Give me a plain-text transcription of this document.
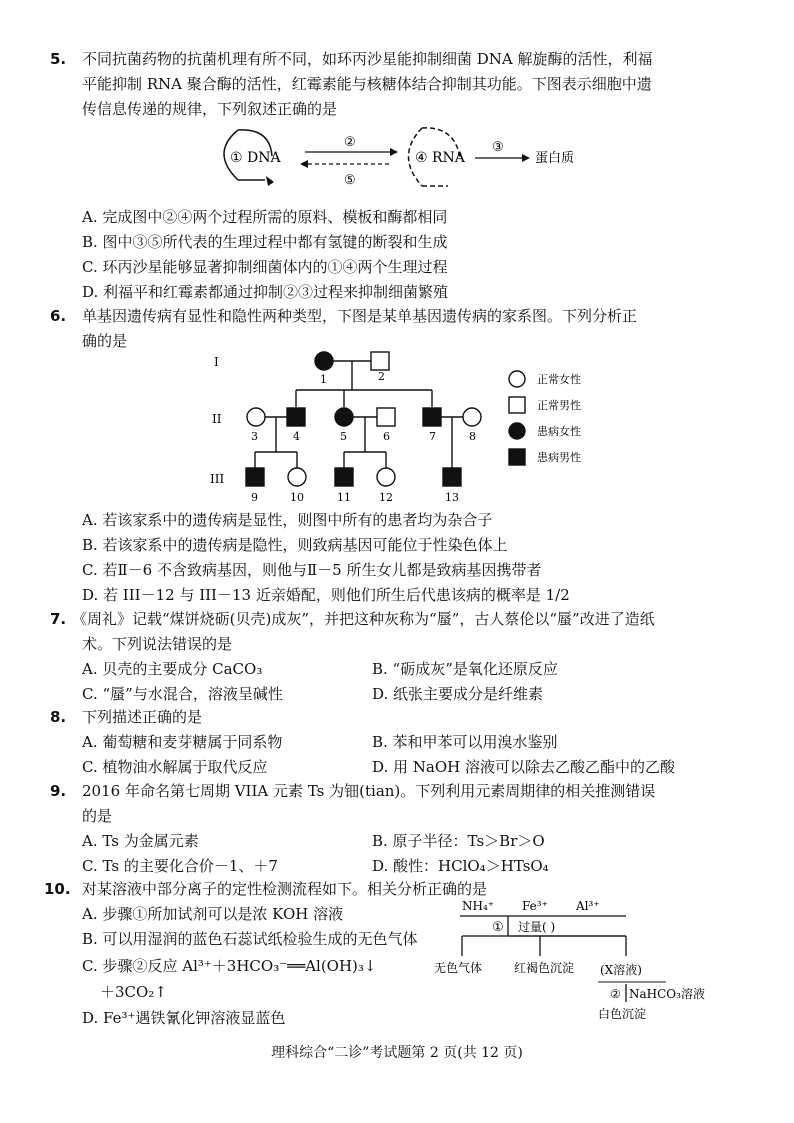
5. 不同抗菌药物的抗菌机理有所不同，如环丙沙星能抑制细菌 DNA 解旋酶的活性，利福
平能抑制 RNA 聚合酶的活性，红霉素能与核糖体结合抑制其功能。下图表示细胞中遗
传信息传递的规律，下列叙述正确的是
① DNA
②
⑤
④ RNA
③
蛋白质
A. 完成图中②④两个过程所需的原料、模板和酶都相同
B. 图中③⑤所代表的生理过程中都有氢键的断裂和生成
C. 环丙沙星能够显著抑制细菌体内的①④两个生理过程
D. 利福平和红霉素都通过抑制②③过程来抑制细菌繁殖
6. 单基因遗传病有显性和隐性两种类型，下图是某单基因遗传病的家系图。下列分析正
确的是
I
II
III
1	2
3	4	5	6	7	8
9	10	11	12	13
正常女性
正常男性
患病女性
患病男性
A. 若该家系中的遗传病是显性，则图中所有的患者均为杂合子
B. 若该家系中的遗传病是隐性，则致病基因可能位于性染色体上
C. 若Ⅱ－6 不含致病基因，则他与Ⅱ－5 所生女儿都是致病基因携带者
D. 若 III－12 与 III－13 近亲婚配，则他们所生后代患该病的概率是 1/2
7. 《周礼》记载“煤饼烧砺(贝壳)成灰”，并把这种灰称为“蜃”，古人蔡伦以“蜃”改进了造纸
术。下列说法错误的是
A. 贝壳的主要成分 CaCO₃	B. “砺成灰”是氧化还原反应
C. “蜃”与水混合，溶液呈碱性	D. 纸张主要成分是纤维素
8. 下列描述正确的是
A. 葡萄糖和麦芽糖属于同系物	B. 苯和甲苯可以用溴水鉴别
C. 植物油水解属于取代反应	D. 用 NaOH 溶液可以除去乙酸乙酯中的乙酸
9. 2016 年命名第七周期 VIIA 元素 Ts 为钿(tian)。下列利用元素周期律的相关推测错误
的是
A. Ts 为金属元素	B. 原子半径：Ts＞Br＞O
C. Ts 的主要化合价－1、＋7	D. 酸性：HClO₄＞HTsO₄
10. 对某溶液中部分离子的定性检测流程如下。相关分析正确的是
A. 步骤①所加试剂可以是浓 KOH 溶液
B. 可以用湿润的蓝色石蕊试纸检验生成的无色气体
C. 步骤②反应 Al³⁺＋3HCO₃⁻══Al(OH)₃↓
＋3CO₂↑
D. Fe³⁺遇铁氰化钾溶液显蓝色
NH₄⁺ Fe³⁺ Al³⁺
① 过量( )
无色气体	红褐色沉淀 (X溶液)
② NaHCO₃溶液
白色沉淀
理科综合“二诊”考试题第 2 页(共 12 页)
